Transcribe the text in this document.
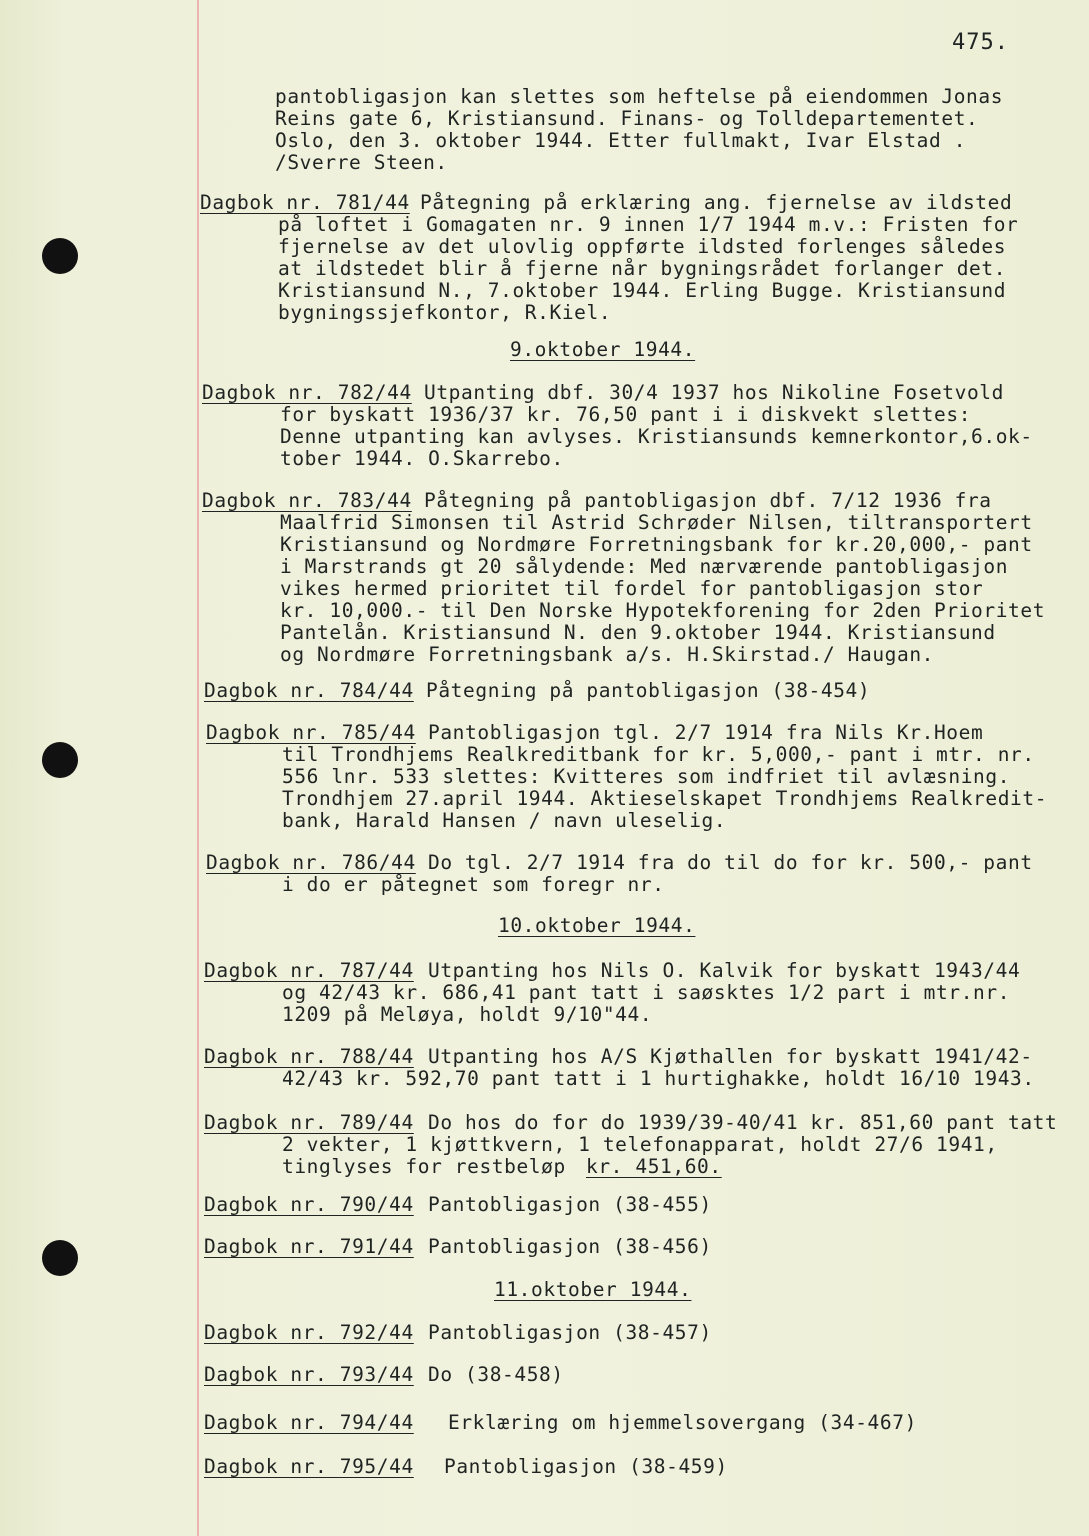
475.
pantobligasjon kan slettes som heftelse på eiendommen Jonas
Reins gate 6, Kristiansund. Finans- og Tolldepartementet.
Oslo, den 3. oktober 1944. Etter fullmakt, Ivar Elstad .
/Sverre Steen.
Dagbok nr. 781/44 Påtegning på erklæring ang. fjernelse av ildsted
på loftet i Gomagaten nr. 9 innen 1/7 1944 m.v.: Fristen for
fjernelse av det ulovlig oppførte ildsted forlenges således
at ildstedet blir å fjerne når bygningsrådet forlanger det.
Kristiansund N., 7.oktober 1944. Erling Bugge. Kristiansund
bygningssjefkontor, R.Kiel.
9.oktober 1944.
Dagbok nr. 782/44 Utpanting dbf. 30/4 1937 hos Nikoline Fosetvold
for byskatt 1936/37 kr. 76,50 pant i i diskvekt slettes:
Denne utpanting kan avlyses. Kristiansunds kemnerkontor,6.ok-
tober 1944. O.Skarrebo.
Dagbok nr. 783/44 Påtegning på pantobligasjon dbf. 7/12 1936 fra
Maalfrid Simonsen til Astrid Schrøder Nilsen, tiltransportert
Kristiansund og Nordmøre Forretningsbank for kr.20,000,- pant
i Marstrands gt 20 sålydende: Med nærværende pantobligasjon
vikes hermed prioritet til fordel for pantobligasjon stor
kr. 10,000.- til Den Norske Hypotekforening for 2den Prioritet
Pantelån. Kristiansund N. den 9.oktober 1944. Kristiansund
og Nordmøre Forretningsbank a/s. H.Skirstad./ Haugan.
Dagbok nr. 784/44 Påtegning på pantobligasjon (38-454)
Dagbok nr. 785/44 Pantobligasjon tgl. 2/7 1914 fra Nils Kr.Hoem
til Trondhjems Realkreditbank for kr. 5,000,- pant i mtr. nr.
556 lnr. 533 slettes: Kvitteres som indfriet til avlæsning.
Trondhjem 27.april 1944. Aktieselskapet Trondhjems Realkredit-
bank, Harald Hansen / navn uleselig.
Dagbok nr. 786/44 Do tgl. 2/7 1914 fra do til do for kr. 500,- pant
i do er påtegnet som foregr nr.
10.oktober 1944.
Dagbok nr. 787/44 Utpanting hos Nils O. Kalvik for byskatt 1943/44
og 42/43 kr. 686,41 pant tatt i saøsktes 1/2 part i mtr.nr.
1209 på Meløya, holdt 9/10"44.
Dagbok nr. 788/44 Utpanting hos A/S Kjøthallen for byskatt 1941/42-
42/43 kr. 592,70 pant tatt i 1 hurtighakke, holdt 16/10 1943.
Dagbok nr. 789/44 Do hos do for do 1939/39-40/41 kr. 851,60 pant tatt
2 vekter, 1 kjøttkvern, 1 telefonapparat, holdt 27/6 1941,
tinglyses for restbeløp kr. 451,60.
Dagbok nr. 790/44 Pantobligasjon (38-455)
Dagbok nr. 791/44 Pantobligasjon (38-456)
11.oktober 1944.
Dagbok nr. 792/44 Pantobligasjon (38-457)
Dagbok nr. 793/44 Do (38-458)
Dagbok nr. 794/44 Erklæring om hjemmelsovergang (34-467)
Dagbok nr. 795/44 Pantobligasjon (38-459)
